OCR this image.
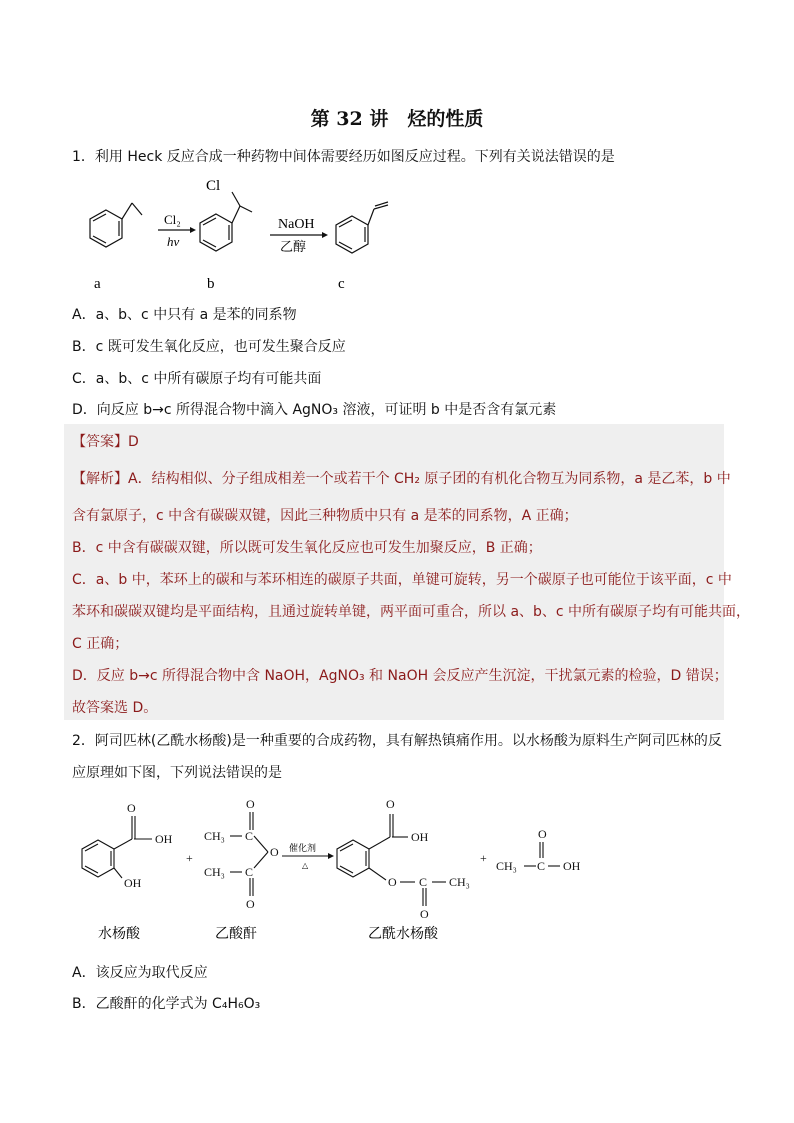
第 32 讲　烃的性质
1．利用 Heck 反应合成一种药物中间体需要经历如图反应过程。下列有关说法错误的是
Cl₂
hν
Cl
NaOH
乙醇
a	b	c
A．a、b、c 中只有 a 是苯的同系物
B．c 既可发生氧化反应，也可发生聚合反应
C．a、b、c 中所有碳原子均有可能共面
D．向反应 b→c 所得混合物中滴入 AgNO₃ 溶液，可证明 b 中是否含有氯元素
【答案】D
【解析】A．结构相似、分子组成相差一个或若干个 CH₂ 原子团的有机化合物互为同系物，a 是乙苯，b 中
含有氯原子，c 中含有碳碳双键，因此三种物质中只有 a 是苯的同系物，A 正确；
B．c 中含有碳碳双键，所以既可发生氧化反应也可发生加聚反应，B 正确；
C．a、b 中，苯环上的碳和与苯环相连的碳原子共面，单键可旋转，另一个碳原子也可能位于该平面，c 中
苯环和碳碳双键均是平面结构，且通过旋转单键，两平面可重合，所以 a、b、c 中所有碳原子均有可能共面，
C 正确；
D．反应 b→c 所得混合物中含 NaOH，AgNO₃ 和 NaOH 会反应产生沉淀，干扰氯元素的检验，D 错误；
故答案选 D。
2．阿司匹林(乙酰水杨酸)是一种重要的合成药物，具有解热镇痛作用。以水杨酸为原料生产阿司匹林的反
应原理如下图，下列说法错误的是
O
OH
OH
+
CH₃ C
O
O
CH₃ C
O
O
OH
O C
O
CH₃
+
CH₃ C
O
OH
催化剂
△
水杨酸	乙酸酐	乙酰水杨酸
A．该反应为取代反应
B．乙酸酐的化学式为 C₄H₆O₃
